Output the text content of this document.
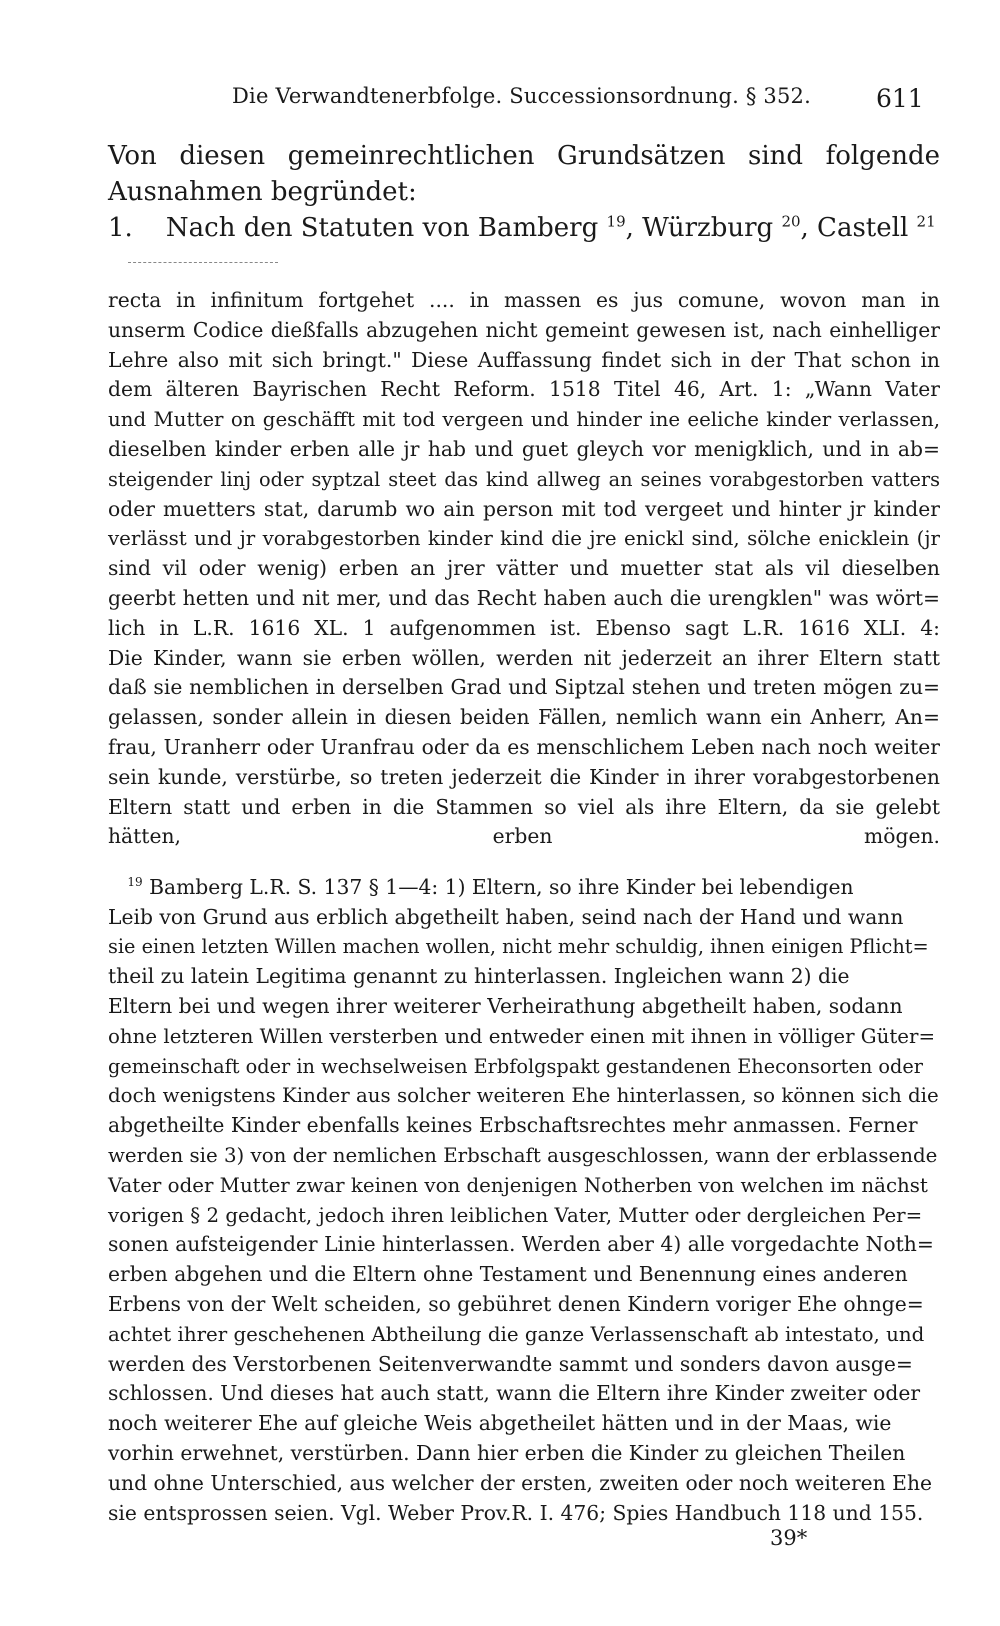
Die Verwandtenerbfolge. Successionsordnung. § 352.	611
Von diesen gemeinrechtlichen Grundsätzen sind folgende Ausnahmen begründet:
1. Nach den Statuten von Bamberg $^{19}$, Würzburg $^{20}$, Castell $^{21}$
recta in infinitum fortgehet .... in massen es jus comune, wovon man in
unserm Codice dießfalls abzugehen nicht gemeint gewesen ist, nach einhelliger
Lehre also mit sich bringt." Diese Auffassung findet sich in der That schon in
dem älteren Bayrischen Recht Reform. 1518 Titel 46, Art. 1: „Wann Vater
und Mutter on geschäfft mit tod vergeen und hinder ine eeliche kinder verlassen,
dieselben kinder erben alle jr hab und guet gleych vor menigklich, und in ab=
steigender linj oder syptzal steet das kind allweg an seines vorabgestorben vatters
oder muetters stat, darumb wo ain person mit tod vergeet und hinter jr kinder
verlässt und jr vorabgestorben kinder kind die jre enickl sind, sölche enicklein (jr
sind vil oder wenig) erben an jrer vätter und muetter stat als vil dieselben
geerbt hetten und nit mer, und das Recht haben auch die urengklen" was wört=
lich in L.R. 1616 XL. 1 aufgenommen ist. Ebenso sagt L.R. 1616 XLI. 4:
Die Kinder, wann sie erben wöllen, werden nit jederzeit an ihrer Eltern statt
daß sie nemblichen in derselben Grad und Siptzal stehen und treten mögen zu=
gelassen, sonder allein in diesen beiden Fällen, nemlich wann ein Anherr, An=
frau, Uranherr oder Uranfrau oder da es menschlichem Leben nach noch weiter
sein kunde, verstürbe, so treten jederzeit die Kinder in ihrer vorabgestorbenen
Eltern statt und erben in die Stammen so viel als ihre Eltern, da sie gelebt
hätten, erben mögen.
$^{19}$ Bamberg L.R. S. 137 § 1—4: 1) Eltern, so ihre Kinder bei lebendigen
Leib von Grund aus erblich abgetheilt haben, seind nach der Hand und wann
sie einen letzten Willen machen wollen, nicht mehr schuldig, ihnen einigen Pflicht=
theil zu latein Legitima genannt zu hinterlassen. Ingleichen wann 2) die
Eltern bei und wegen ihrer weiterer Verheirathung abgetheilt haben, sodann
ohne letzteren Willen versterben und entweder einen mit ihnen in völliger Güter=
gemeinschaft oder in wechselweisen Erbfolgspakt gestandenen Eheconsorten oder
doch wenigstens Kinder aus solcher weiteren Ehe hinterlassen, so können sich die
abgetheilte Kinder ebenfalls keines Erbschaftsrechtes mehr anmassen. Ferner
werden sie 3) von der nemlichen Erbschaft ausgeschlossen, wann der erblassende
Vater oder Mutter zwar keinen von denjenigen Notherben von welchen im nächst
vorigen § 2 gedacht, jedoch ihren leiblichen Vater, Mutter oder dergleichen Per=
sonen aufsteigender Linie hinterlassen. Werden aber 4) alle vorgedachte Noth=
erben abgehen und die Eltern ohne Testament und Benennung eines anderen
Erbens von der Welt scheiden, so gebühret denen Kindern voriger Ehe ohnge=
achtet ihrer geschehenen Abtheilung die ganze Verlassenschaft ab intestato, und
werden des Verstorbenen Seitenverwandte sammt und sonders davon ausge=
schlossen. Und dieses hat auch statt, wann die Eltern ihre Kinder zweiter oder
noch weiterer Ehe auf gleiche Weis abgetheilet hätten und in der Maas, wie
vorhin erwehnet, verstürben. Dann hier erben die Kinder zu gleichen Theilen
und ohne Unterschied, aus welcher der ersten, zweiten oder noch weiteren Ehe
sie entsprossen seien. Vgl. Weber Prov.R. I. 476; Spies Handbuch 118 und 155.
39*
